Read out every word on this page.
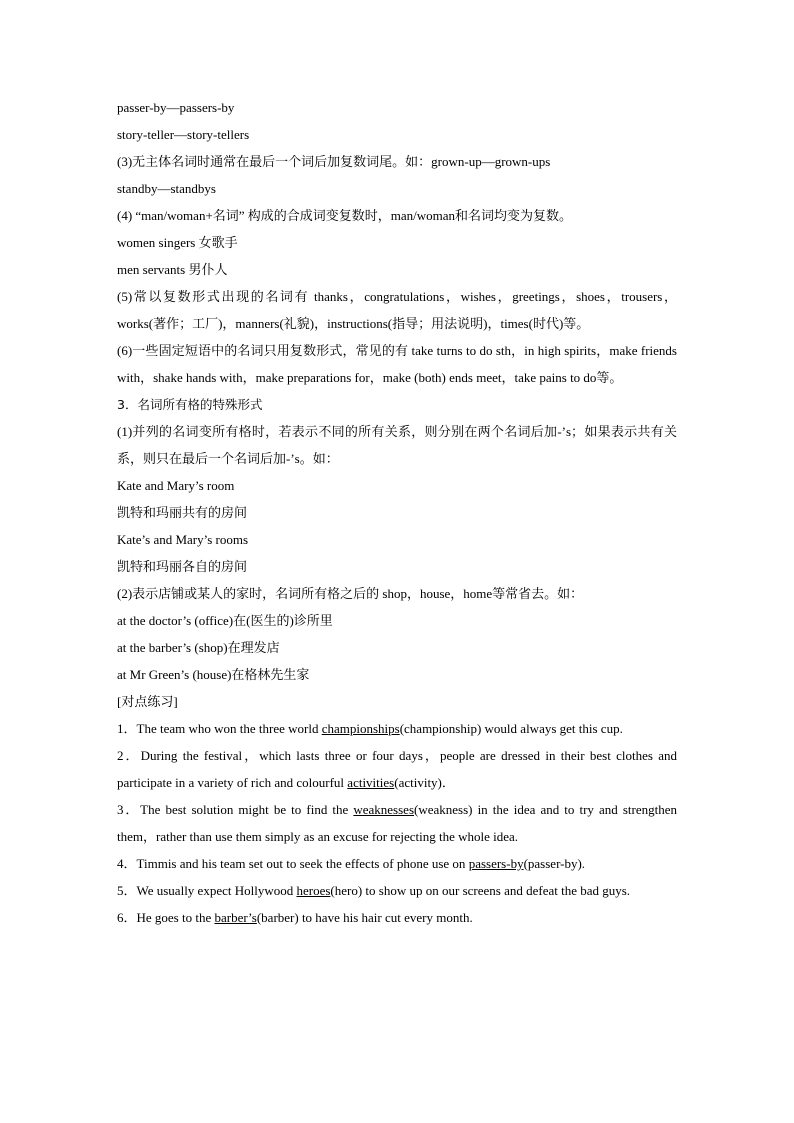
passer-by—passers-by
story-teller—story-tellers
(3)无主体名词时通常在最后一个词后加复数词尾。如：grown-up—grown-ups
standby—standbys
(4) “man/woman+名词” 构成的合成词变复数时，man/woman和名词均变为复数。
women singers 女歌手
men servants 男仆人
(5)常以复数形式出现的名词有 thanks，congratulations，wishes，greetings，shoes，trousers，works(著作；工厂)，manners(礼貌)，instructions(指导；用法说明)，times(时代)等。
(6)一些固定短语中的名词只用复数形式，常见的有 take turns to do sth，in high spirits，make friends with，shake hands with，make preparations for，make (both) ends meet，take pains to do等。
3．名词所有格的特殊形式
(1)并列的名词变所有格时，若表示不同的所有关系，则分别在两个名词后加-’s；如果表示共有关系，则只在最后一个名词后加-’s。如：
Kate and Mary’s room
凯特和玛丽共有的房间
Kate’s and Mary’s rooms
凯特和玛丽各自的房间
(2)表示店铺或某人的家时，名词所有格之后的 shop，house，home等常省去。如：
at the doctor’s (office)在(医生的)诊所里
at the barber’s (shop)在理发店
at Mr Green’s (house)在格林先生家
[对点练习]
1．The team who won the three world championships(championship) would always get this cup.
2．During the festival，which lasts three or four days，people are dressed in their best clothes and participate in a variety of rich and colourful activities(activity)．
3．The best solution might be to find the weaknesses(weakness) in the idea and to try and strengthen them，rather than use them simply as an excuse for rejecting the whole idea.
4．Timmis and his team set out to seek the effects of phone use on passers-by(passer-by).
5．We usually expect Hollywood heroes(hero) to show up on our screens and defeat the bad guys.
6．He goes to the barber’s(barber) to have his hair cut every month.
